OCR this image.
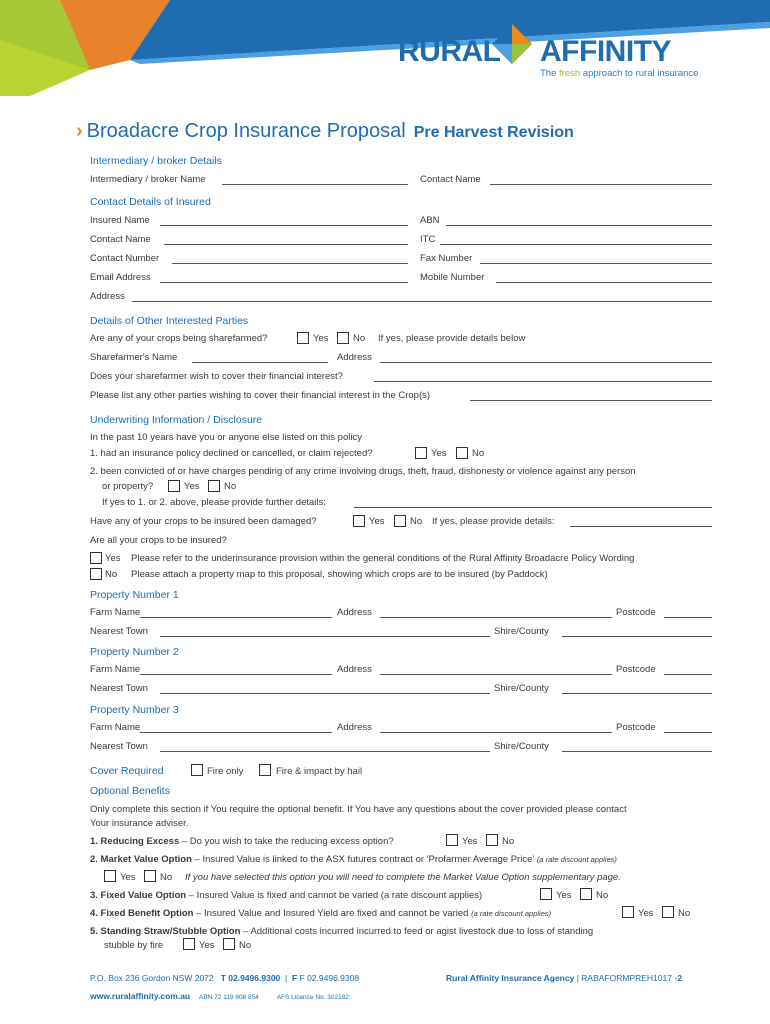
RURAL AFFINITY
The fresh approach to rural insurance
› Broadacre Crop Insurance Proposal Pre Harvest Revision
Intermediary / broker Details
Intermediary / broker Name	Contact Name
Contact Details of Insured
Insured Name	ABN
Contact Name	ITC
Contact Number	Fax Number
Email Address	Mobile Number
Address
Details of Other Interested Parties
Are any of your crops being sharefarmed?	Yes	No If yes, please provide details below
Sharefarmer's Name	Address
Does your sharefarmer wish to cover their financial interest?
Please list any other parties wishing to cover their financial interest in the Crop(s)
Underwriting Information / Disclosure
In the past 10 years have you or anyone else listed on this policy
1. had an insurance policy declined or cancelled, or claim rejected?	Yes	No
2. been convicted of or have charges pending of any crime involving drugs, theft, fraud, dishonesty or violence against any person
or property?	Yes	No
If yes to 1. or 2. above, please provide further details:
Have any of your crops to be insured been damaged?	Yes	No If yes, please provide details:
Are all your crops to be insured?
Yes Please refer to the underinsurance provision within the general conditions of the Rural Affinity Broadacre Policy Wording
No Please attach a property map to this proposal, showing which crops are to be insured (by Paddock)
Property Number 1
Farm Name	Address	Postcode
Nearest Town	Shire/County
Property Number 2
Farm Name	Address	Postcode
Nearest Town	Shire/County
Property Number 3
Farm Name	Address	Postcode
Nearest Town	Shire/County
Cover Required	Fire only	Fire & impact by hail
Optional Benefits
Only complete this section if You require the optional benefit. If You have any questions about the cover provided please contact
Your insurance adviser.
1. Reducing Excess – Do you wish to take the reducing excess option?	Yes	No
2. Market Value Option – Insured Value is linked to the ASX futures contract or 'Profarmer Average Price' (a rate discount applies)
Yes	No If you have selected this option you will need to complete the Market Value Option supplementary page.
3. Fixed Value Option – Insured Value is fixed and cannot be varied (a rate discount applies)	Yes	No
4. Fixed Benefit Option – Insured Value and Insured Yield are fixed and cannot be varied (a rate discount applies)	Yes	No
5. Standing Straw/Stubble Option – Additional costs incurred incurred to feed or agist livestock due to loss of standing
stubble by fire	Yes	No
P.O. Box 236 Gordon NSW 2072 T 02.9496.9300  |  F F 02.9496.9308
www.ruralaffinity.com.au ABN 72 119 808 854	AFS Licence No. 302182
Rural Affinity Insurance Agency | RABAFORMPREH1017 ›2
